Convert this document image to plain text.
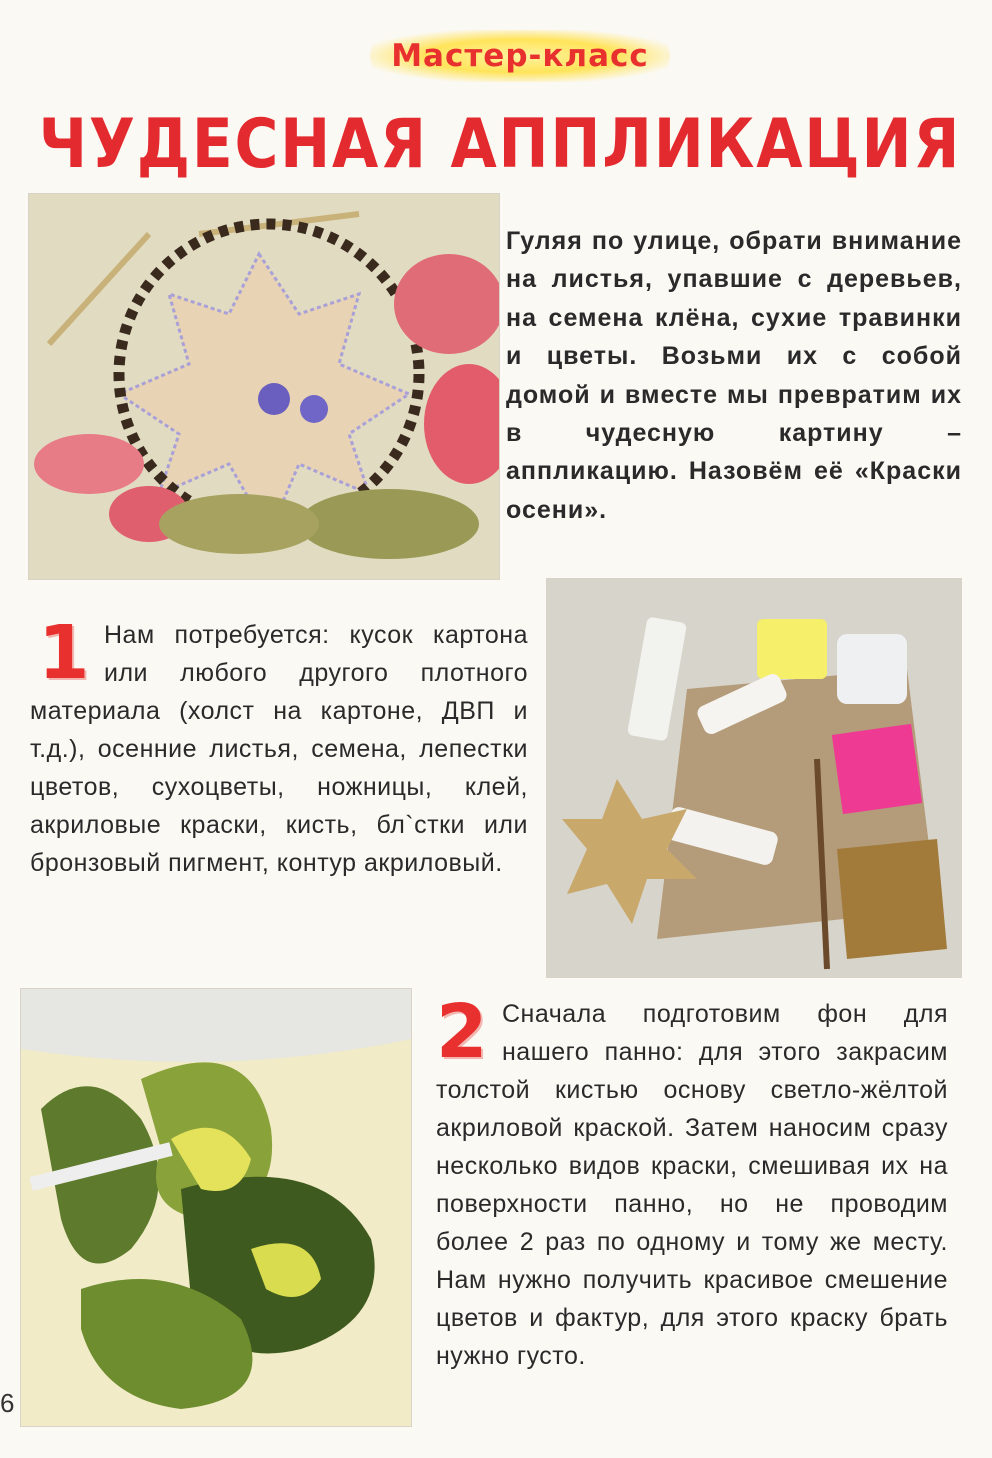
Мастер-класс
ЧУДЕСНАЯ АППЛИКАЦИЯ
Гуляя по улице, обрати внимание на листья, упавшие с деревьев, на семена клёна, сухие травинки и цветы. Возьми их с собой домой и вместе мы превратим их в чудесную картину – аппликацию. Назовём её «Краски осени».
1 Нам потребуется: кусок картона или любого другого плотного материала (холст на картоне, ДВП и т.д.), осенние листья, семена, лепестки цветов, сухоцветы, ножницы, клей, акриловые краски, кисть, бл`стки или бронзовый пигмент, контур акриловый.
2 Сначала подготовим фон для нашего панно: для этого закрасим толстой кистью основу светло-жёлтой акриловой краской. Затем наносим сразу несколько видов краски, смешивая их на поверхности панно, но не проводим более 2 раз по одному и тому же месту. Нам нужно получить красивое смешение цветов и фактур, для этого краску брать нужно густо.
6
